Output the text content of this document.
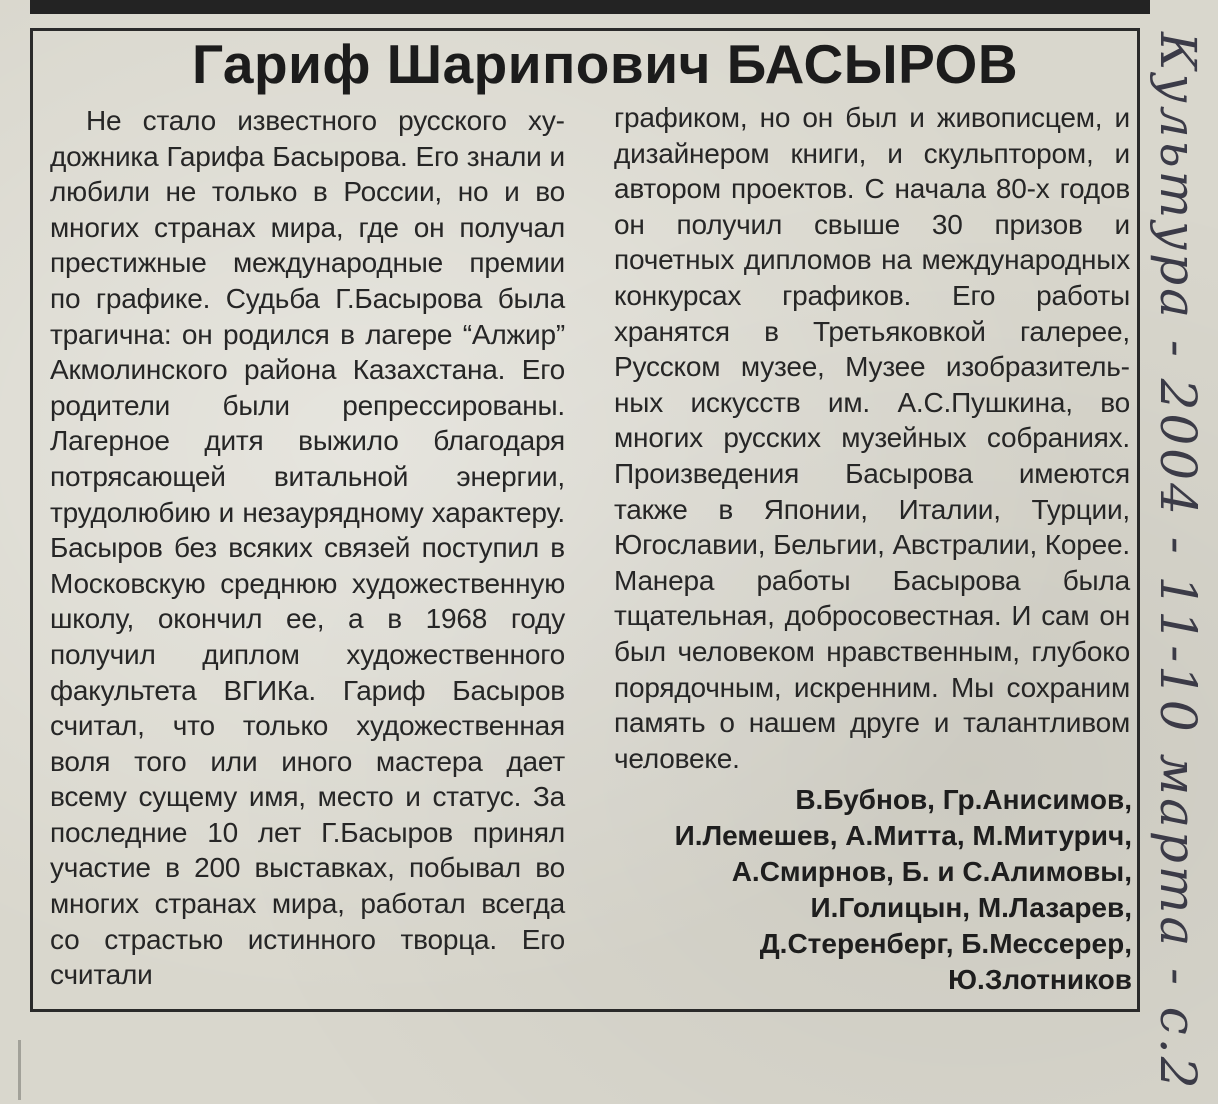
Гариф Шарипович БАСЫРОВ
Не стало известного русского художника Гарифа Басырова. Его знали и любили не только в России, но и во многих странах мира, где он получал престижные международные премии по графике. Судьба Г.Басырова была трагична: он родился в лагере “Алжир” Акмолинского района Казахстана. Его родители были репрессированы. Лагерное дитя выжило благодаря потрясающей витальной энергии, трудолюбию и незаурядному характеру. Басыров без всяких связей поступил в Московскую среднюю художественную школу, окончил ее, а в 1968 году получил диплом художественного факультета ВГИКа. Гариф Басыров считал, что только художественная воля того или иного мастера дает всему сущему имя, место и статус. За последние 10 лет Г.Басыров принял участие в 200 выставках, побывал во многих странах мира, работал всегда со страстью истинного творца. Его считали
графиком, но он был и живописцем, и дизайнером книги, и скульптором, и автором проектов. С начала 80-х годов он получил свыше 30 призов и почетных дипломов на международных конкурсах графиков. Его работы хранятся в Третьяковкой галерее, Русском музее, Музее изобразительных искусств им. А.С.Пушкина, во многих русских музейных собраниях. Произведения Басырова имеются также в Японии, Италии, Турции, Югославии, Бельгии, Австралии, Корее. Манера работы Басырова была тщательная, добросовестная. И сам он был человеком нравственным, глубоко порядочным, искренним. Мы сохраним память о нашем друге и талантливом человеке.
В.Бубнов, Гр.Анисимов,
И.Лемешев, А.Митта, М.Митурич,
А.Смирнов, Б. и С.Алимовы,
И.Голицын, М.Лазарев,
Д.Стеренберг, Б.Мессерер,
Ю.Злотников Культура - 2004 - 11-10 марта - с.2
